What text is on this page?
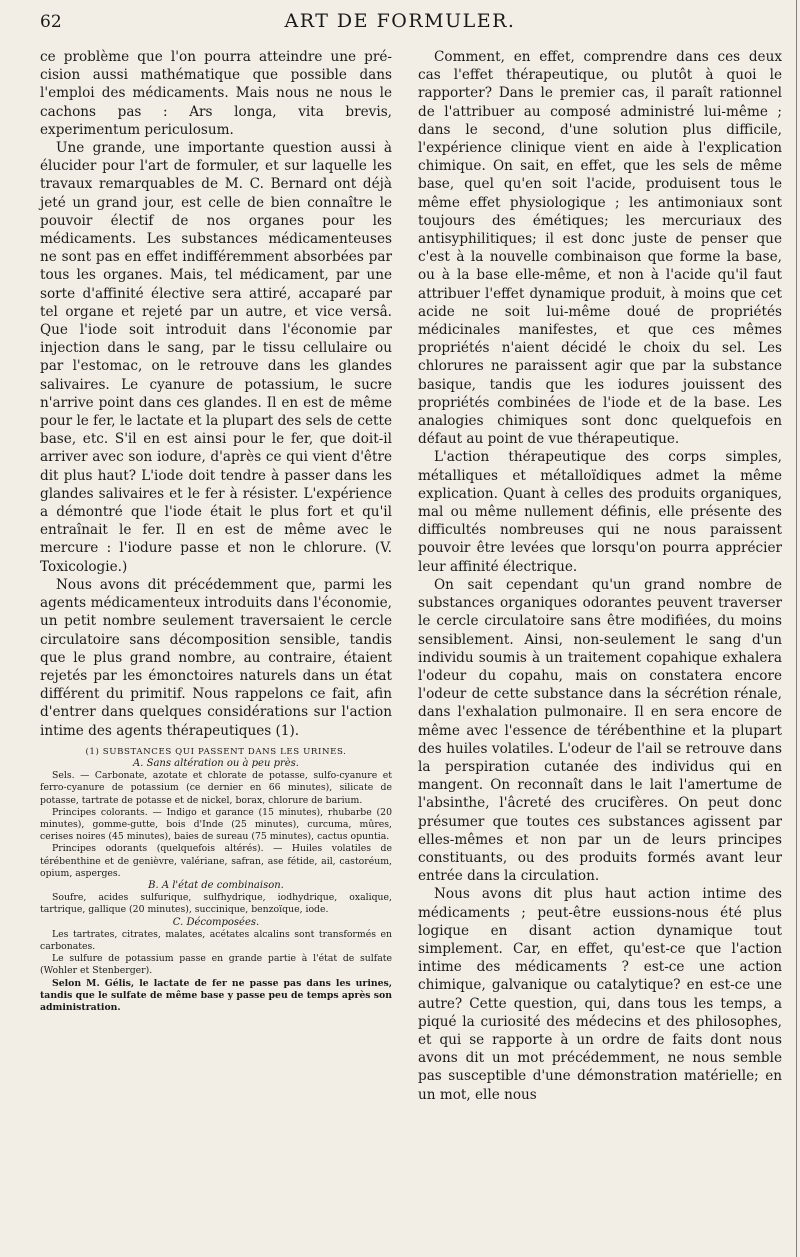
62	ART DE FORMULER.

ce problème que l'on pourra atteindre une pré-cision aussi mathématique que possible dans l'emploi des médicaments. Mais nous ne nous le cachons pas : Ars longa, vita brevis, experimentum periculosum.

Une grande, une importante question aussi à élucider pour l'art de formuler, et sur laquelle les travaux remarquables de M. C. Bernard ont déjà jeté un grand jour, est celle de bien connaître le pouvoir électif de nos organes pour les médicaments. Les substances médicamenteuses ne sont pas en effet indifféremment absorbées par tous les organes. Mais, tel médicament, par une sorte d'affinité élective sera attiré, accaparé par tel organe et rejeté par un autre, et vice versâ. Que l'iode soit introduit dans l'économie par injection dans le sang, par le tissu cellulaire ou par l'estomac, on le retrouve dans les glandes salivaires. Le cyanure de potassium, le sucre n'arrive point dans ces glandes. Il en est de même pour le fer, le lactate et la plupart des sels de cette base, etc. S'il en est ainsi pour le fer, que doit-il arriver avec son iodure, d'après ce qui vient d'être dit plus haut? L'iode doit tendre à passer dans les glandes salivaires et le fer à résister. L'expérience a démontré que l'iode était le plus fort et qu'il entraînait le fer. Il en est de même avec le mercure : l'iodure passe et non le chlorure. (V. Toxicologie.)

Nous avons dit précédemment que, parmi les agents médicamenteux introduits dans l'économie, un petit nombre seulement traversaient le cercle circulatoire sans décomposition sensible, tandis que le plus grand nombre, au contraire, étaient rejetés par les émonctoires naturels dans un état différent du primitif. Nous rappelons ce fait, afin d'entrer dans quelques considérations sur l'action intime des agents thérapeutiques (1).

(1) SUBSTANCES QUI PASSENT DANS LES URINES.

A. Sans altération ou à peu près.

Sels. — Carbonate, azotate et chlorate de potasse, sulfo-cyanure et ferro-cyanure de potassium (ce dernier en 66 minutes), silicate de potasse, tartrate de potasse et de nickel, borax, chlorure de barium.

Principes colorants. — Indigo et garance (15 minutes), rhubarbe (20 minutes), gomme-gutte, bois d'Inde (25 minutes), curcuma, mûres, cerises noires (45 minutes), baies de sureau (75 minutes), cactus opuntia.

Principes odorants (quelquefois altérés). — Huiles volatiles de térébenthine et de genièvre, valériane, safran, ase fétide, ail, castoréum, opium, asperges.

B. A l'état de combinaison.

Soufre, acides sulfurique, sulfhydrique, iodhydrique, oxalique, tartrique, gallique (20 minutes), succinique, benzoïque, iode.

C. Décomposées.

Les tartrates, citrates, malates, acétates alcalins sont transformés en carbonates.

Le sulfure de potassium passe en grande partie à l'état de sulfate (Wohler et Stenberger).

Selon M. Gélis, le lactate de fer ne passe pas dans les urines, tandis que le sulfate de même base y passe peu de temps après son administration.

Comment, en effet, comprendre dans ces deux cas l'effet thérapeutique, ou plutôt à quoi le rapporter? Dans le premier cas, il paraît rationnel de l'attribuer au composé administré lui-même ; dans le second, d'une solution plus difficile, l'expérience clinique vient en aide à l'explication chimique. On sait, en effet, que les sels de même base, quel qu'en soit l'acide, produisent tous le même effet physiologique ; les antimoniaux sont toujours des émétiques; les mercuriaux des antisyphilitiques; il est donc juste de penser que c'est à la nouvelle combinaison que forme la base, ou à la base elle-même, et non à l'acide qu'il faut attribuer l'effet dynamique produit, à moins que cet acide ne soit lui-même doué de propriétés médicinales manifestes, et que ces mêmes propriétés n'aient décidé le choix du sel. Les chlorures ne paraissent agir que par la substance basique, tandis que les iodures jouissent des propriétés combinées de l'iode et de la base. Les analogies chimiques sont donc quelquefois en défaut au point de vue thérapeutique.

L'action thérapeutique des corps simples, métalliques et métalloïdiques admet la même explication. Quant à celles des produits organiques, mal ou même nullement définis, elle présente des difficultés nombreuses qui ne nous paraissent pouvoir être levées que lorsqu'on pourra apprécier leur affinité électrique.

On sait cependant qu'un grand nombre de substances organiques odorantes peuvent traverser le cercle circulatoire sans être modifiées, du moins sensiblement. Ainsi, non-seulement le sang d'un individu soumis à un traitement copahique exhalera l'odeur du copahu, mais on constatera encore l'odeur de cette substance dans la sécrétion rénale, dans l'exhalation pulmonaire. Il en sera encore de même avec l'essence de térébenthine et la plupart des huiles volatiles. L'odeur de l'ail se retrouve dans la perspiration cutanée des individus qui en mangent. On reconnaît dans le lait l'amertume de l'absinthe, l'âcreté des crucifères. On peut donc présumer que toutes ces substances agissent par elles-mêmes et non par un de leurs principes constituants, ou des produits formés avant leur entrée dans la circulation.

Nous avons dit plus haut action intime des médicaments ; peut-être eussions-nous été plus logique en disant action dynamique tout simplement. Car, en effet, qu'est-ce que l'action intime des médicaments ? est-ce une action chimique, galvanique ou catalytique? en est-ce une autre? Cette question, qui, dans tous les temps, a piqué la curiosité des médecins et des philosophes, et qui se rapporte à un ordre de faits dont nous avons dit un mot précédemment, ne nous semble pas susceptible d'une démonstration matérielle; en un mot, elle nous
